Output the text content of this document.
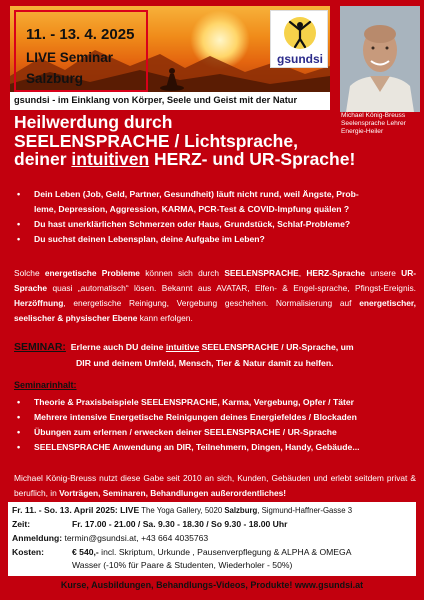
11. - 13. 4. 2025
LIVE Seminar
Salzburg
gsundsi
Michael König-Breuss
Seelensprache Lehrer
Energie-Heiler
gsundsi - im Einklang von Körper, Seele und Geist mit der Natur
Heilwerdung durch
SEELENSPRACHE / Lichtsprache,
deiner intuitiven HERZ- und UR-Sprache!
• Dein Leben (Job, Geld, Partner, Gesundheit) läuft nicht rund, weil Ängste, Prob-
leme, Depression, Aggression, KARMA, PCR-Test & COVID-Impfung quälen ?
• Du hast unerklärlichen Schmerzen oder Haus, Grundstück, Schlaf-Probleme?
• Du suchst deinen Lebensplan, deine Aufgabe im Leben?
Solche energetische Probleme können sich durch SEELENSPRACHE, HERZ-Sprache unsere UR-Sprache quasi „automatisch“ lösen. Bekannt aus AVATAR, Elfen- & Engel-sprache, Pfingst-Ereignis. Herzöffnung, energetische Reinigung, Vergebung geschehen. Normalisierung auf energetischer, seelischer & physischer Ebene kann erfolgen.
SEMINAR: Erlerne auch DU deine intuitive SEELENSPRACHE / UR-Sprache, um
DIR und deinem Umfeld, Mensch, Tier & Natur damit zu helfen.
Seminarinhalt:
• Theorie & Praxisbeispiele SEELENSPRACHE, Karma, Vergebung, Opfer / Täter
• Mehrere intensive Energetische Reinigungen deines Energiefeldes / Blockaden
• Übungen zum erlernen / erwecken deiner SEELENSPRACHE / UR-Sprache
• SEELENSPRACHE Anwendung an DIR, Teilnehmern, Dingen, Handy, Gebäude...
Michael König-Breuss nutzt diese Gabe seit 2010 an sich, Kunden, Gebäuden und erlebt seitdem privat & beruflich, in Vorträgen, Seminaren, Behandlungen außerordentliches!
Fr. 11. - So. 13. April 2025: LIVE The Yoga Gallery, 5020 Salzburg, Sigmund-Haffner-Gasse 3
Zeit:	Fr. 17.00 - 21.00 / Sa. 9.30 - 18.30 / So 9.30 - 18.00 Uhr
Anmeldung: termin@gsundsi.at, +43 664 4035763
Kosten:	€ 540,- incl. Skriptum, Urkunde , Pausenverpflegung & ALPHA & OMEGA
Wasser (-10% für Paare & Studenten, Wiederholer - 50%)
Kurse, Ausbildungen, Behandlungs-Videos, Produkte! www.gsundsi.at
